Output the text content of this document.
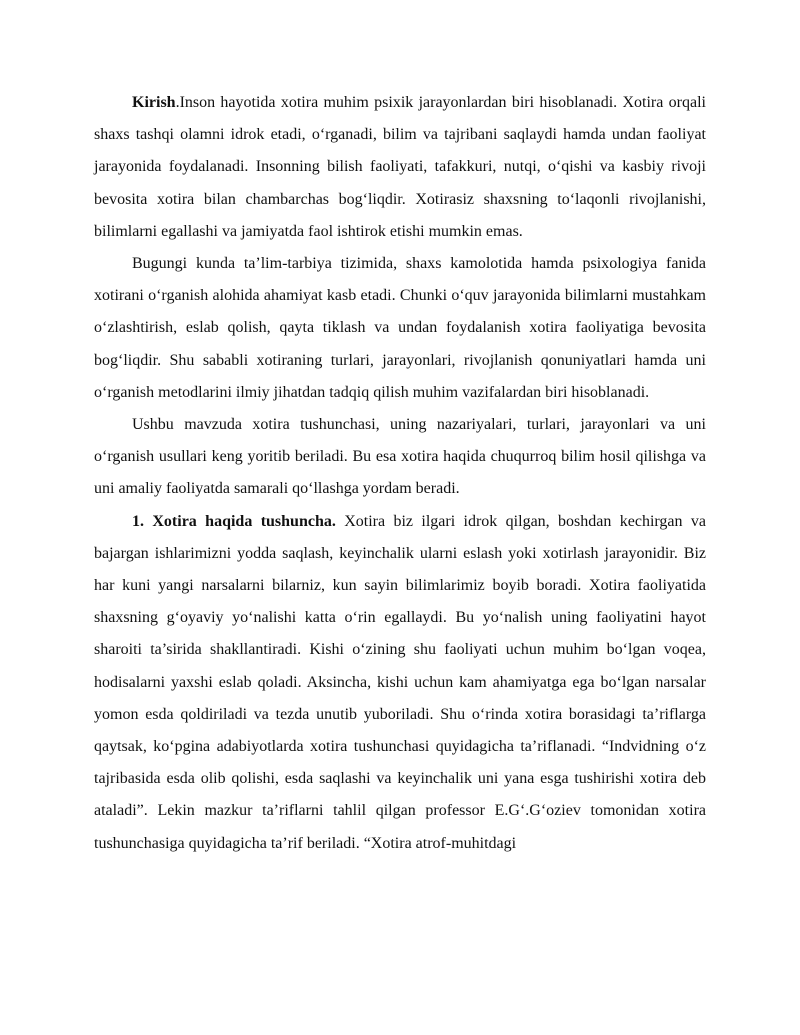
Kirish.Inson hayotida xotira muhim psixik jarayonlardan biri hisoblanadi. Xotira orqali shaxs tashqi olamni idrok etadi, o‘rganadi, bilim va tajribani saqlaydi hamda undan faoliyat jarayonida foydalanadi. Insonning bilish faoliyati, tafakkuri, nutqi, o‘qishi va kasbiy rivoji bevosita xotira bilan chambarchas bog‘liqdir. Xotirasiz shaxsning to‘laqonli rivojlanishi, bilimlarni egallashi va jamiyatda faol ishtirok etishi mumkin emas.

Bugungi kunda ta’lim-tarbiya tizimida, shaxs kamolotida hamda psixologiya fanida xotirani o‘rganish alohida ahamiyat kasb etadi. Chunki o‘quv jarayonida bilimlarni mustahkam o‘zlashtirish, eslab qolish, qayta tiklash va undan foydalanish xotira faoliyatiga bevosita bog‘liqdir. Shu sababli xotiraning turlari, jarayonlari, rivojlanish qonuniyatlari hamda uni o‘rganish metodlarini ilmiy jihatdan tadqiq qilish muhim vazifalardan biri hisoblanadi.

Ushbu mavzuda xotira tushunchasi, uning nazariyalari, turlari, jarayonlari va uni o‘rganish usullari keng yoritib beriladi. Bu esa xotira haqida chuqurroq bilim hosil qilishga va uni amaliy faoliyatda samarali qo‘llashga yordam beradi.

1. Xotira haqida tushuncha. Xotira biz ilgari idrok qilgan, boshdan kechirgan va bajargan ishlarimizni yodda saqlash, keyinchalik ularni eslash yoki xotirlash jarayonidir. Biz har kuni yangi narsalarni bilarniz, kun sayin bilimlarimiz boyib boradi. Xotira faoliyatida shaxsning g‘oyaviy yo‘nalishi katta o‘rin egallaydi. Bu yo‘nalish uning faoliyatini hayot sharoiti ta’sirida shakllantiradi. Kishi o‘zining shu faoliyati uchun muhim bo‘lgan voqea, hodisalarni yaxshi eslab qoladi. Aksincha, kishi uchun kam ahamiyatga ega bo‘lgan narsalar yomon esda qoldiriladi va tezda unutib yuboriladi. Shu o‘rinda xotira borasidagi ta’riflarga qaytsak, ko‘pgina adabiyotlarda xotira tushunchasi quyidagicha ta’riflanadi. “Indvidning o‘z tajribasida esda olib qolishi, esda saqlashi va keyinchalik uni yana esga tushirishi xotira deb ataladi”. Lekin mazkur ta’riflarni tahlil qilgan professor E.G‘.G‘oziev tomonidan xotira tushunchasiga quyidagicha ta’rif beriladi. “Xotira atrof-muhitdagi
